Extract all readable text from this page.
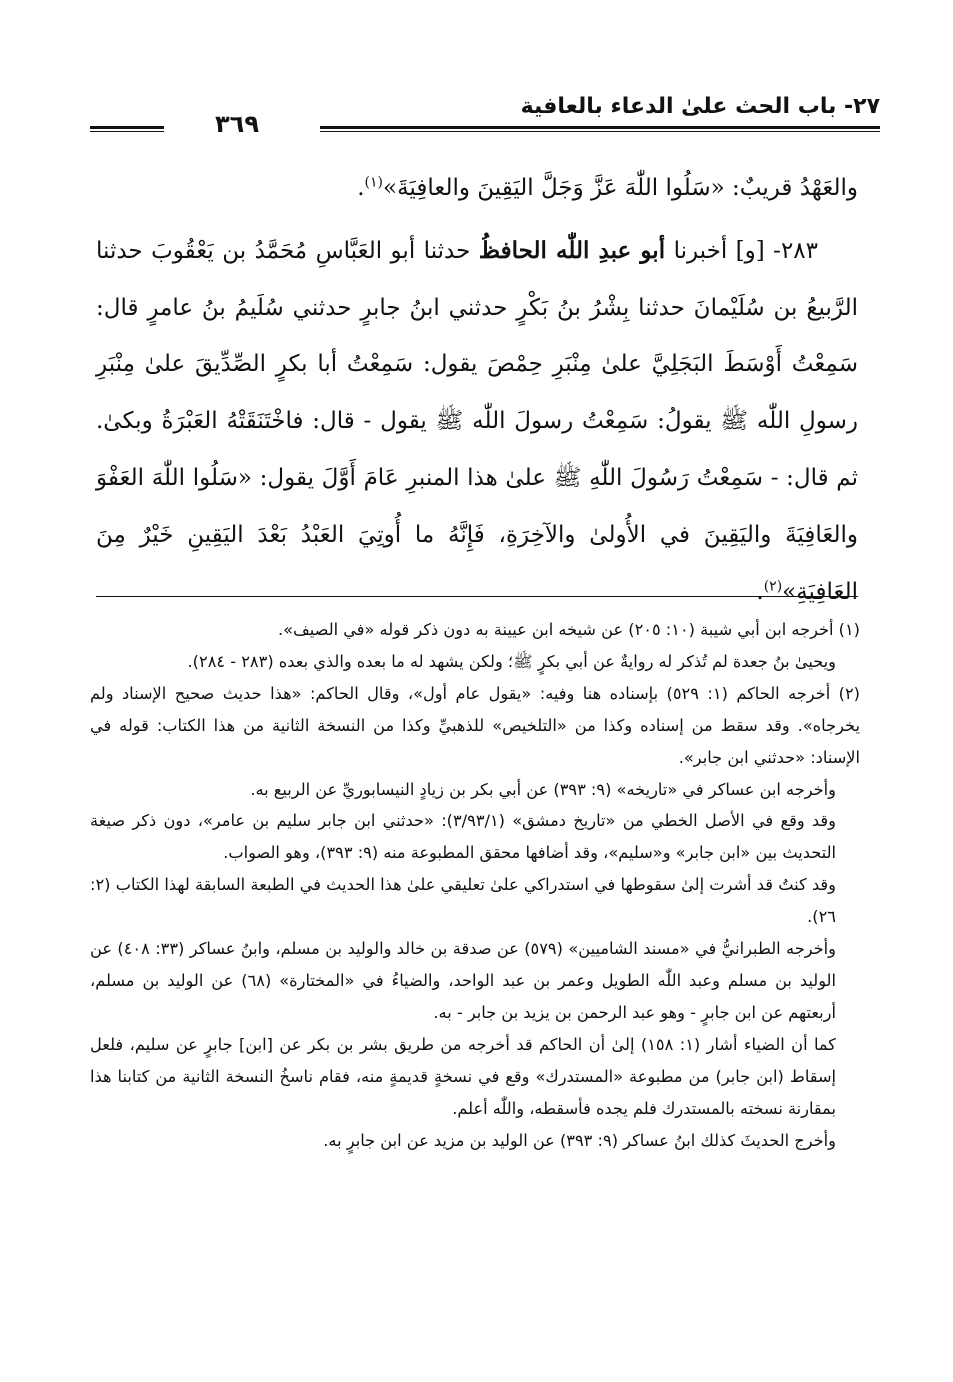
٢٧- باب الحث علىٰ الدعاء بالعافية
٣٦٩

والعَهْدُ قريبٌ: «سَلُوا اللّٰهَ عَزَّ وَجَلَّ اليَقِينَ والعافِيَةَ»$^{(١)}$.

٢٨٣- [و] أخبرنا أبو عبدِ اللّٰه الحافظُ حدثنا أبو العَبَّاسِ مُحَمَّدُ بن يَعْقُوبَ حدثنا الرَّبيعُ بن سُلَيْمانَ حدثنا بِشْرُ بنُ بَكْرٍ حدثني ابنُ جابرٍ حدثني سُلَيمُ بنُ عامرٍ قال: سَمِعْتُ أَوْسَطَ البَجَلِيَّ علىٰ مِنْبَرِ حِمْصَ يقول: سَمِعْتُ أبا بكرٍ الصِّدِّيقَ علىٰ مِنْبَرِ رسولِ اللّٰه ﷺ يقولُ: سَمِعْتُ رسولَ اللّٰه ﷺ يقول - قال: فاخْتَنَقَتْهُ العَبْرَةُ وبكىٰ. ثم قال: - سَمِعْتُ رَسُولَ اللّٰهِ ﷺ علىٰ هذا المنبرِ عَامَ أَوَّلَ يقول: «سَلُوا اللّٰهَ العَفْوَ والعَافِيَةَ واليَقِينَ في الأُولىٰ والآخِرَةِ، فَإِنَّهُ ما أُوتِيَ العَبْدُ بَعْدَ اليَقِينِ خَيْرٌ مِنَ العَافِيَةِ»$^{(٢)}$.

(١) أخرجه ابن أبي شيبة (١٠: ٢٠٥) عن شيخه ابن عيينة به دون ذكر قوله «في الصيف».

ويحيىٰ بنُ جعدة لم تُذكر له روايةٌ عن أبي بكرٍ ﷺ؛ ولكن يشهد له ما بعده والذي بعده (٢٨٣ - ٢٨٤).

(٢) أخرجه الحاكم (١: ٥٢٩) بإسناده هنا وفيه: «يقول عام أول»، وقال الحاكم: «هذا حديث صحيح الإسناد ولم يخرجاه». وقد سقط من إسناده وكذا من «التلخيص» للذهبيِّ وكذا من النسخة الثانية من هذا الكتاب: قوله في الإسناد: «حدثني ابن جابر».

وأخرجه ابن عساكر في «تاريخه» (٩: ٣٩٣) عن أبي بكر بن زيادٍ النيسابوريِّ عن الربيع به.

وقد وقع في الأصل الخطي من «تاريخ دمشق» (٣/٩٣/١): «حدثني ابن جابر سليم بن عامر»، دون ذكر صيغة التحديث بين «ابن جابر» و«سليم»، وقد أضافها محقق المطبوعة منه (٩: ٣٩٣)، وهو الصواب.

وقد كنتُ قد أشرت إلىٰ سقوطها في استدراكي علىٰ تعليقي علىٰ هذا الحديث في الطبعة السابقة لهذا الكتاب (٢: ٢٦).

وأخرجه الطبرانيُّ في «مسند الشاميين» (٥٧٩) عن صدقة بن خالد والوليد بن مسلم، وابنُ عساكر (٣٣: ٤٠٨) عن الوليد بن مسلم وعبد اللّٰه الطويل وعمر بن عبد الواحد، والضياءُ في «المختارة» (٦٨) عن الوليد بن مسلم، أربعتهم عن ابن جابرٍ - وهو عبد الرحمن بن يزيد بن جابر - به.

كما أن الضياء أشار (١: ١٥٨) إلىٰ أن الحاكم قد أخرجه من طريق بشر بن بكر عن [ابن] جابرٍ عن سليم، فلعل إسقاط (ابن جابر) من مطبوعة «المستدرك» وقع في نسخةٍ قديمةٍ منه، فقام ناسخُ النسخة الثانية من كتابنا هذا بمقارنة نسخته بالمستدرك فلم يجده فأسقطه، واللّٰه أعلم.

وأخرج الحديثَ كذلك ابنُ عساكر (٩: ٣٩٣) عن الوليد بن مزيد عن ابن جابرٍ به.
